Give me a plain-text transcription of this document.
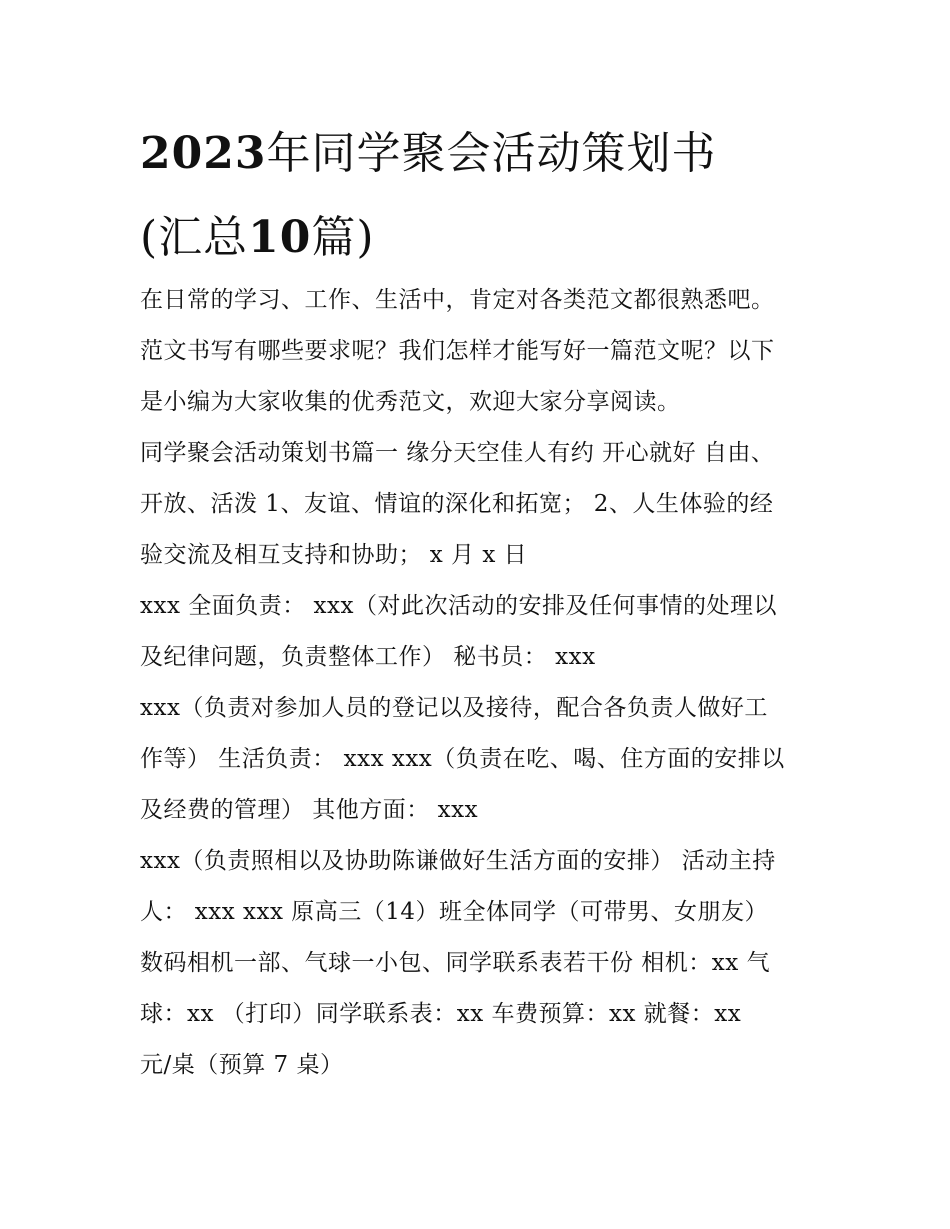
2023年同学聚会活动策划书
(汇总10篇)
在日常的学习、工作、生活中，肯定对各类范文都很熟悉吧。
范文书写有哪些要求呢？我们怎样才能写好一篇范文呢？以下
是小编为大家收集的优秀范文，欢迎大家分享阅读。
同学聚会活动策划书篇一 缘分天空佳人有约 开心就好 自由、
开放、活泼 1、友谊、情谊的深化和拓宽； 2、人生体验的经
验交流及相互支持和协助； x 月 x 日
xxx 全面负责： xxx（对此次活动的安排及任何事情的处理以
及纪律问题，负责整体工作） 秘书员： xxx
xxx（负责对参加人员的登记以及接待，配合各负责人做好工
作等） 生活负责： xxx xxx（负责在吃、喝、住方面的安排以
及经费的管理） 其他方面： xxx
xxx（负责照相以及协助陈谦做好生活方面的安排） 活动主持
人： xxx xxx 原高三（14）班全体同学（可带男、女朋友）
数码相机一部、气球一小包、同学联系表若干份 相机：xx 气
球：xx （打印）同学联系表：xx 车费预算：xx 就餐：xx
元/桌（预算 7 桌）
